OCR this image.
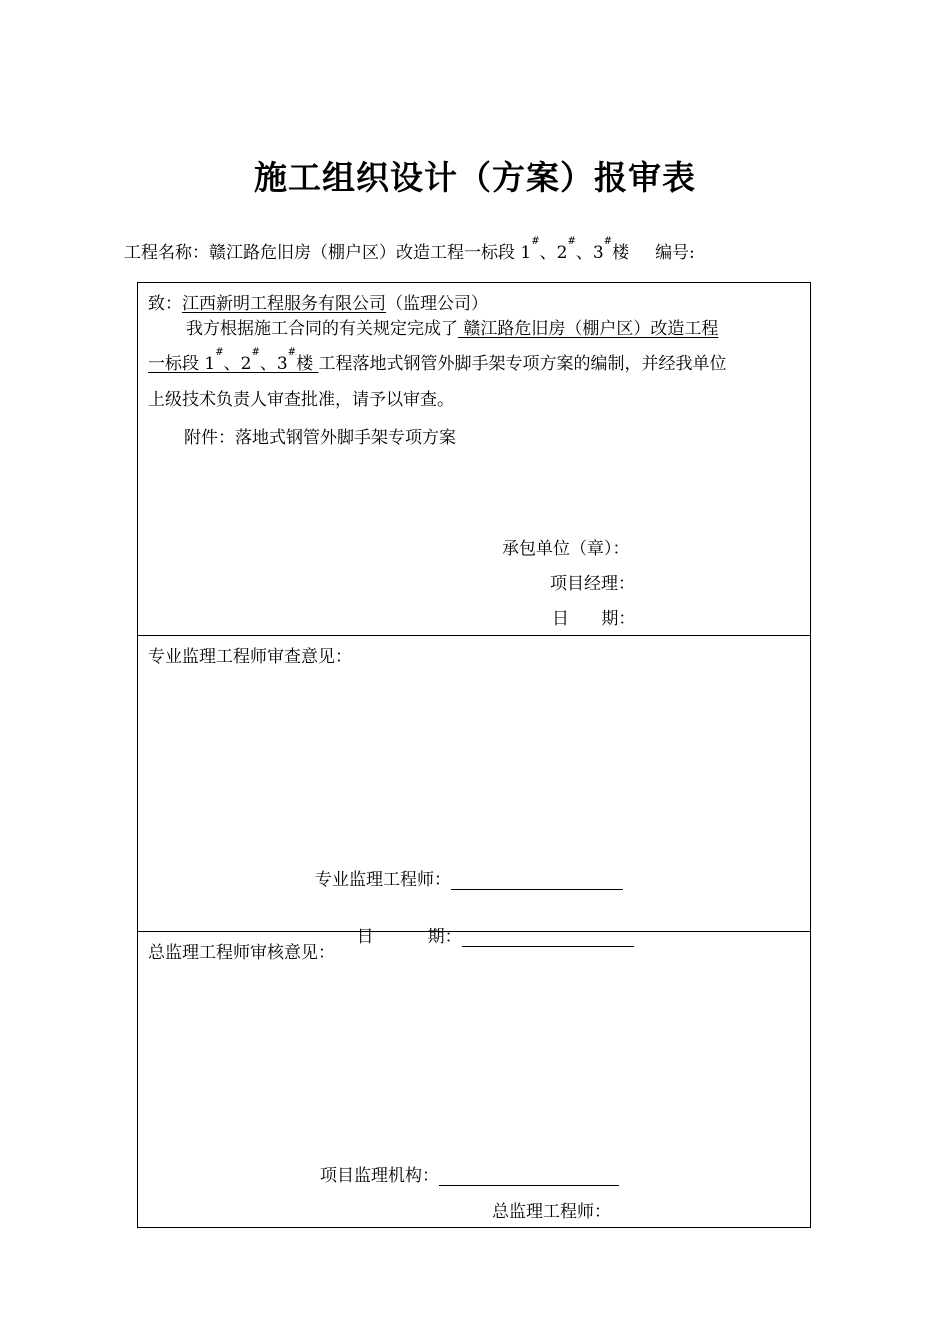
施工组织设计（方案）报审表
工程名称：赣江路危旧房（棚户区）改造工程一标段 1#、2#、3#楼 编号:
致：江西新明工程服务有限公司（监理公司）
我方根据施工合同的有关规定完成了 赣江路危旧房（棚户区）改造工程
一标段 1#、2#、3#楼 工程落地式钢管外脚手架专项方案的编制，并经我单位
上级技术负责人审查批准，请予以审查。
附件：落地式钢管外脚手架专项方案
承包单位（章）：
项目经理：
日      期：
专业监理工程师审查意见：
专业监理工程师：

日          期：

总监理工程师审核意见：
项目监理机构：
总监理工程师：
